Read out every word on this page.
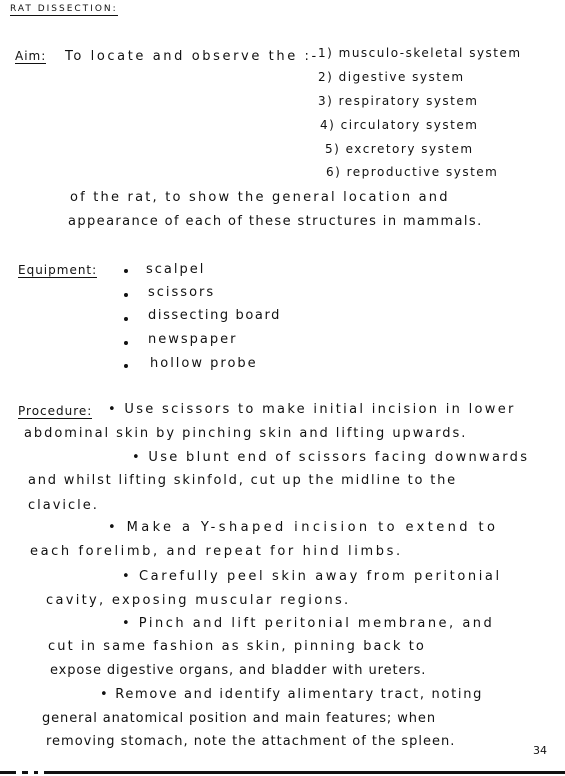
RAT DISSECTION:
Aim: To locate and observe the :- 1) musculo-skeletal system
2) digestive system
3) respiratory system
4) circulatory system
5) excretory system
6) reproductive system
of the rat, to show the general location and
appearance of each of these structures in mammals.
Equipment:	scalpel
scissors
dissecting board
newspaper
hollow probe
Procedure: • Use scissors to make initial incision in lower
abdominal skin by pinching skin and lifting upwards.
• Use blunt end of scissors facing downwards
and whilst lifting skinfold, cut up the midline to the
clavicle.
• Make a Y-shaped incision to extend to
each forelimb, and repeat for hind limbs.
• Carefully peel skin away from peritonial
cavity, exposing muscular regions.
• Pinch and lift peritonial membrane, and
cut in same fashion as skin, pinning back to
expose digestive organs, and bladder with ureters.
• Remove and identify alimentary tract, noting
general anatomical position and main features; when
removing stomach, note the attachment of the spleen.
34
